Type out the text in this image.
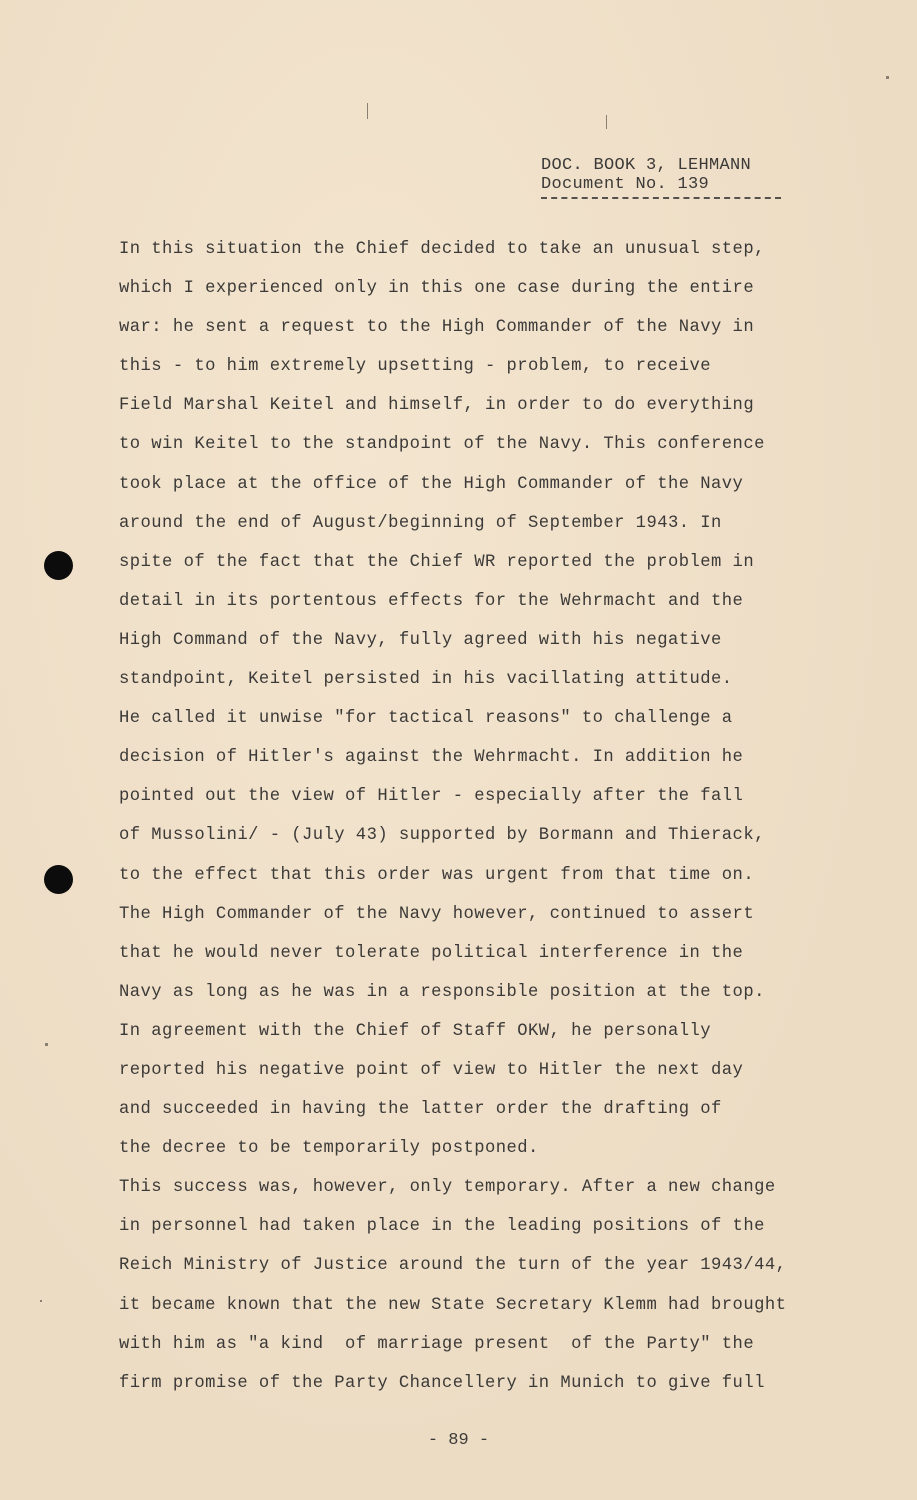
DOC. BOOK 3, LEHMANN
Document No. 139
In this situation the Chief decided to take an unusual step,
which I experienced only in this one case during the entire
war: he sent a request to the High Commander of the Navy in
this - to him extremely upsetting - problem, to receive
Field Marshal Keitel and himself, in order to do everything
to win Keitel to the standpoint of the Navy. This conference
took place at the office of the High Commander of the Navy
around the end of August/beginning of September 1943. In
spite of the fact that the Chief WR reported the problem in
detail in its portentous effects for the Wehrmacht and the
High Command of the Navy, fully agreed with his negative
standpoint, Keitel persisted in his vacillating attitude.
He called it unwise "for tactical reasons" to challenge a
decision of Hitler's against the Wehrmacht. In addition he
pointed out the view of Hitler - especially after the fall
of Mussolini/ - (July 43) supported by Bormann and Thierack,
to the effect that this order was urgent from that time on.
The High Commander of the Navy however, continued to assert
that he would never tolerate political interference in the
Navy as long as he was in a responsible position at the top.
In agreement with the Chief of Staff OKW, he personally
reported his negative point of view to Hitler the next day
and succeeded in having the latter order the drafting of
the decree to be temporarily postponed.
This success was, however, only temporary. After a new change
in personnel had taken place in the leading positions of the
Reich Ministry of Justice around the turn of the year 1943/44,
it became known that the new State Secretary Klemm had brought
with him as "a kind  of marriage present  of the Party" the
firm promise of the Party Chancellery in Munich to give full
- 89 -
